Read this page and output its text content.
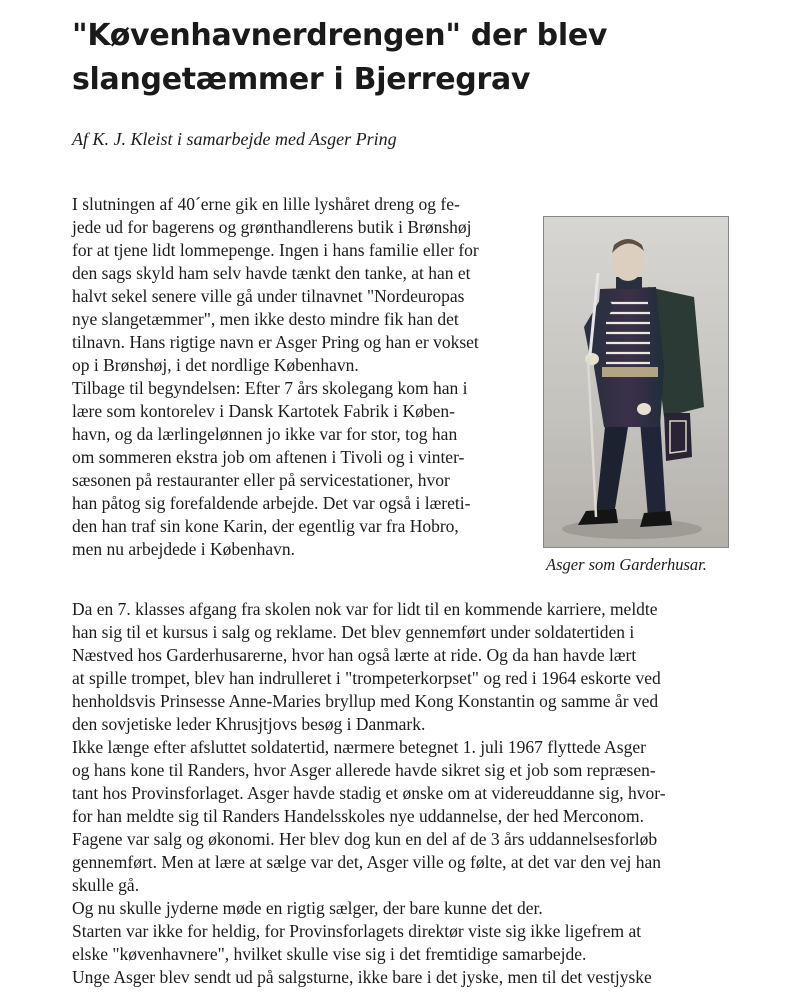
"Køvenhavnerdrengen" der blev
slangetæmmer i Bjerregrav

Af K. J. Kleist i samarbejde med Asger Pring

I slutningen af 40´erne gik en lille lyshåret dreng og fe-
jede ud for bagerens og grønthandlerens butik i Brønshøj
for at tjene lidt lommepenge. Ingen i hans familie eller for
den sags skyld ham selv havde tænkt den tanke, at han et
halvt sekel senere ville gå under tilnavnet "Nordeuropas
nye slangetæmmer", men ikke desto mindre fik han det
tilnavn. Hans rigtige navn er Asger Pring og han er vokset
op i Brønshøj, i det nordlige København.
Tilbage til begyndelsen: Efter 7 års skolegang kom han i
lære som kontorelev i Dansk Kartotek Fabrik i Køben-
havn, og da lærlingelønnen jo ikke var for stor, tog han
om sommeren ekstra job om aftenen i Tivoli og i vinter-
sæsonen på restauranter eller på servicestationer, hvor
han påtog sig forefaldende arbejde. Det var også i læreti-
den han traf sin kone Karin, der egentlig var fra Hobro,
men nu arbejdede i København.

Asger som Garderhusar.

Da en 7. klasses afgang fra skolen nok var for lidt til en kommende karriere, meldte
han sig til et kursus i salg og reklame. Det blev gennemført under soldatertiden i
Næstved hos Garderhusarerne, hvor han også lærte at ride. Og da han havde lært
at spille trompet, blev han indrulleret i "trompeterkorpset" og red i 1964 eskorte ved
henholdsvis Prinsesse Anne-Maries bryllup med Kong Konstantin og samme år ved
den sovjetiske leder Khrusjtjovs besøg i Danmark.
Ikke længe efter afsluttet soldatertid, nærmere betegnet 1. juli 1967 flyttede Asger
og hans kone til Randers, hvor Asger allerede havde sikret sig et job som repræsen-
tant hos Provinsforlaget. Asger havde stadig et ønske om at videreuddanne sig, hvor-
for han meldte sig til Randers Handelsskoles nye uddannelse, der hed Merconom.
Fagene var salg og økonomi. Her blev dog kun en del af de 3 års uddannelsesforløb
gennemført. Men at lære at sælge var det, Asger ville og følte, at det var den vej han
skulle gå.
Og nu skulle jyderne møde en rigtig sælger, der bare kunne det der.
Starten var ikke for heldig, for Provinsforlagets direktør viste sig ikke ligefrem at
elske "køvenhavnere", hvilket skulle vise sig i det fremtidige samarbejde.
Unge Asger blev sendt ud på salgsturne, ikke bare i det jyske, men til det vestjyske
